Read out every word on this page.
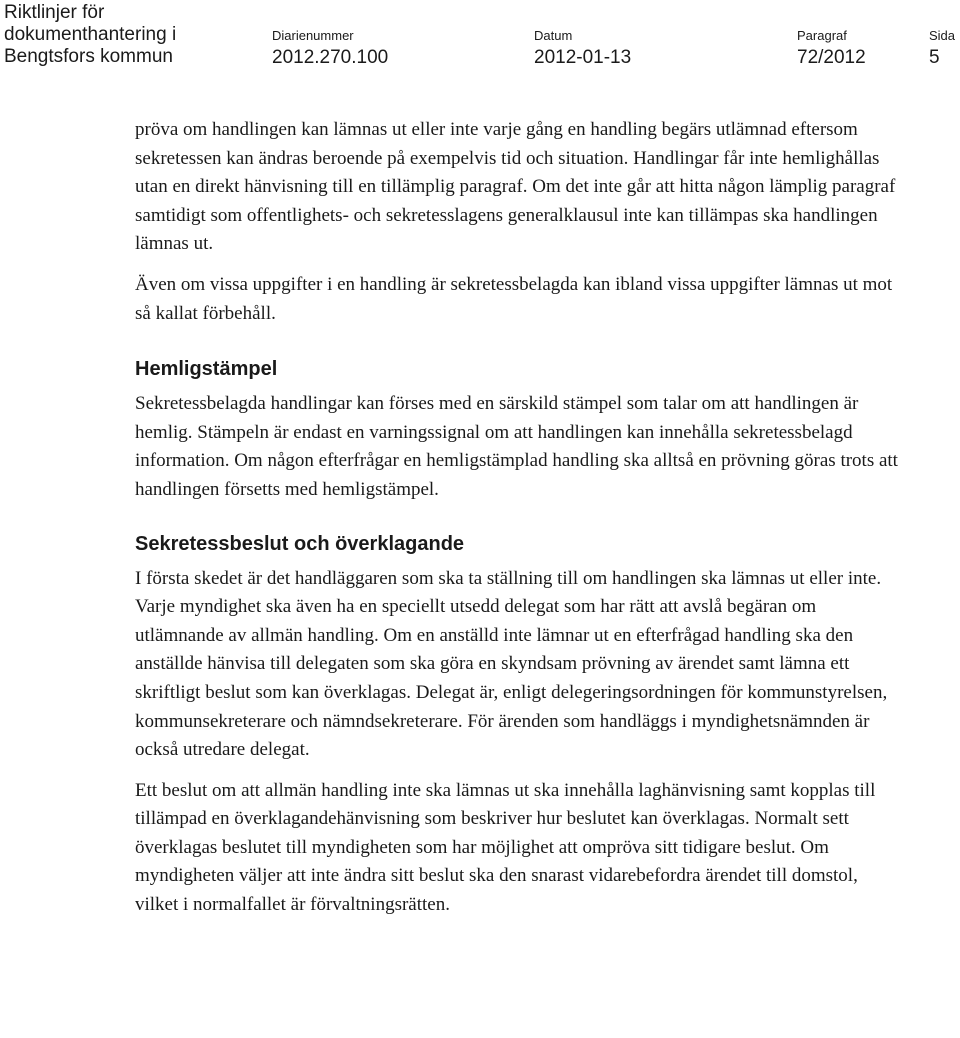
Riktlinjer för
dokumenthantering i
Bengtsfors kommun
Diarienummer
2012.270.100
Datum
2012-01-13
Paragraf
72/2012
Sida
5

pröva om handlingen kan lämnas ut eller inte varje gång en handling begärs utlämnad eftersom sekretessen kan ändras beroende på exempelvis tid och situation. Handlingar får inte hemlighållas utan en direkt hänvisning till en tillämplig paragraf. Om det inte går att hitta någon lämplig paragraf samtidigt som offentlighets- och sekretesslagens generalklausul inte kan tillämpas ska handlingen lämnas ut.

Även om vissa uppgifter i en handling är sekretessbelagda kan ibland vissa uppgifter lämnas ut mot så kallat förbehåll.

Hemligstämpel

Sekretessbelagda handlingar kan förses med en särskild stämpel som talar om att handlingen är hemlig. Stämpeln är endast en varningssignal om att handlingen kan innehålla sekretessbelagd information. Om någon efterfrågar en hemligstämplad handling ska alltså en prövning göras trots att handlingen försetts med hemligstämpel.

Sekretessbeslut och överklagande

I första skedet är det handläggaren som ska ta ställning till om handlingen ska lämnas ut eller inte. Varje myndighet ska även ha en speciellt utsedd delegat som har rätt att avslå begäran om utlämnande av allmän handling. Om en anställd inte lämnar ut en efterfrågad handling ska den anställde hänvisa till delegaten som ska göra en skyndsam prövning av ärendet samt lämna ett skriftligt beslut som kan överklagas. Delegat är, enligt delegeringsordningen för kommunstyrelsen, kommunsekreterare och nämndsekreterare. För ärenden som handläggs i myndighetsnämnden är också utredare delegat.

Ett beslut om att allmän handling inte ska lämnas ut ska innehålla laghänvisning samt kopplas till tillämpad en överklagandehänvisning som beskriver hur beslutet kan överklagas. Normalt sett överklagas beslutet till myndigheten som har möjlighet att ompröva sitt tidigare beslut. Om myndigheten väljer att inte ändra sitt beslut ska den snarast vidarebefordra ärendet till domstol, vilket i normalfallet är förvaltningsrätten.
